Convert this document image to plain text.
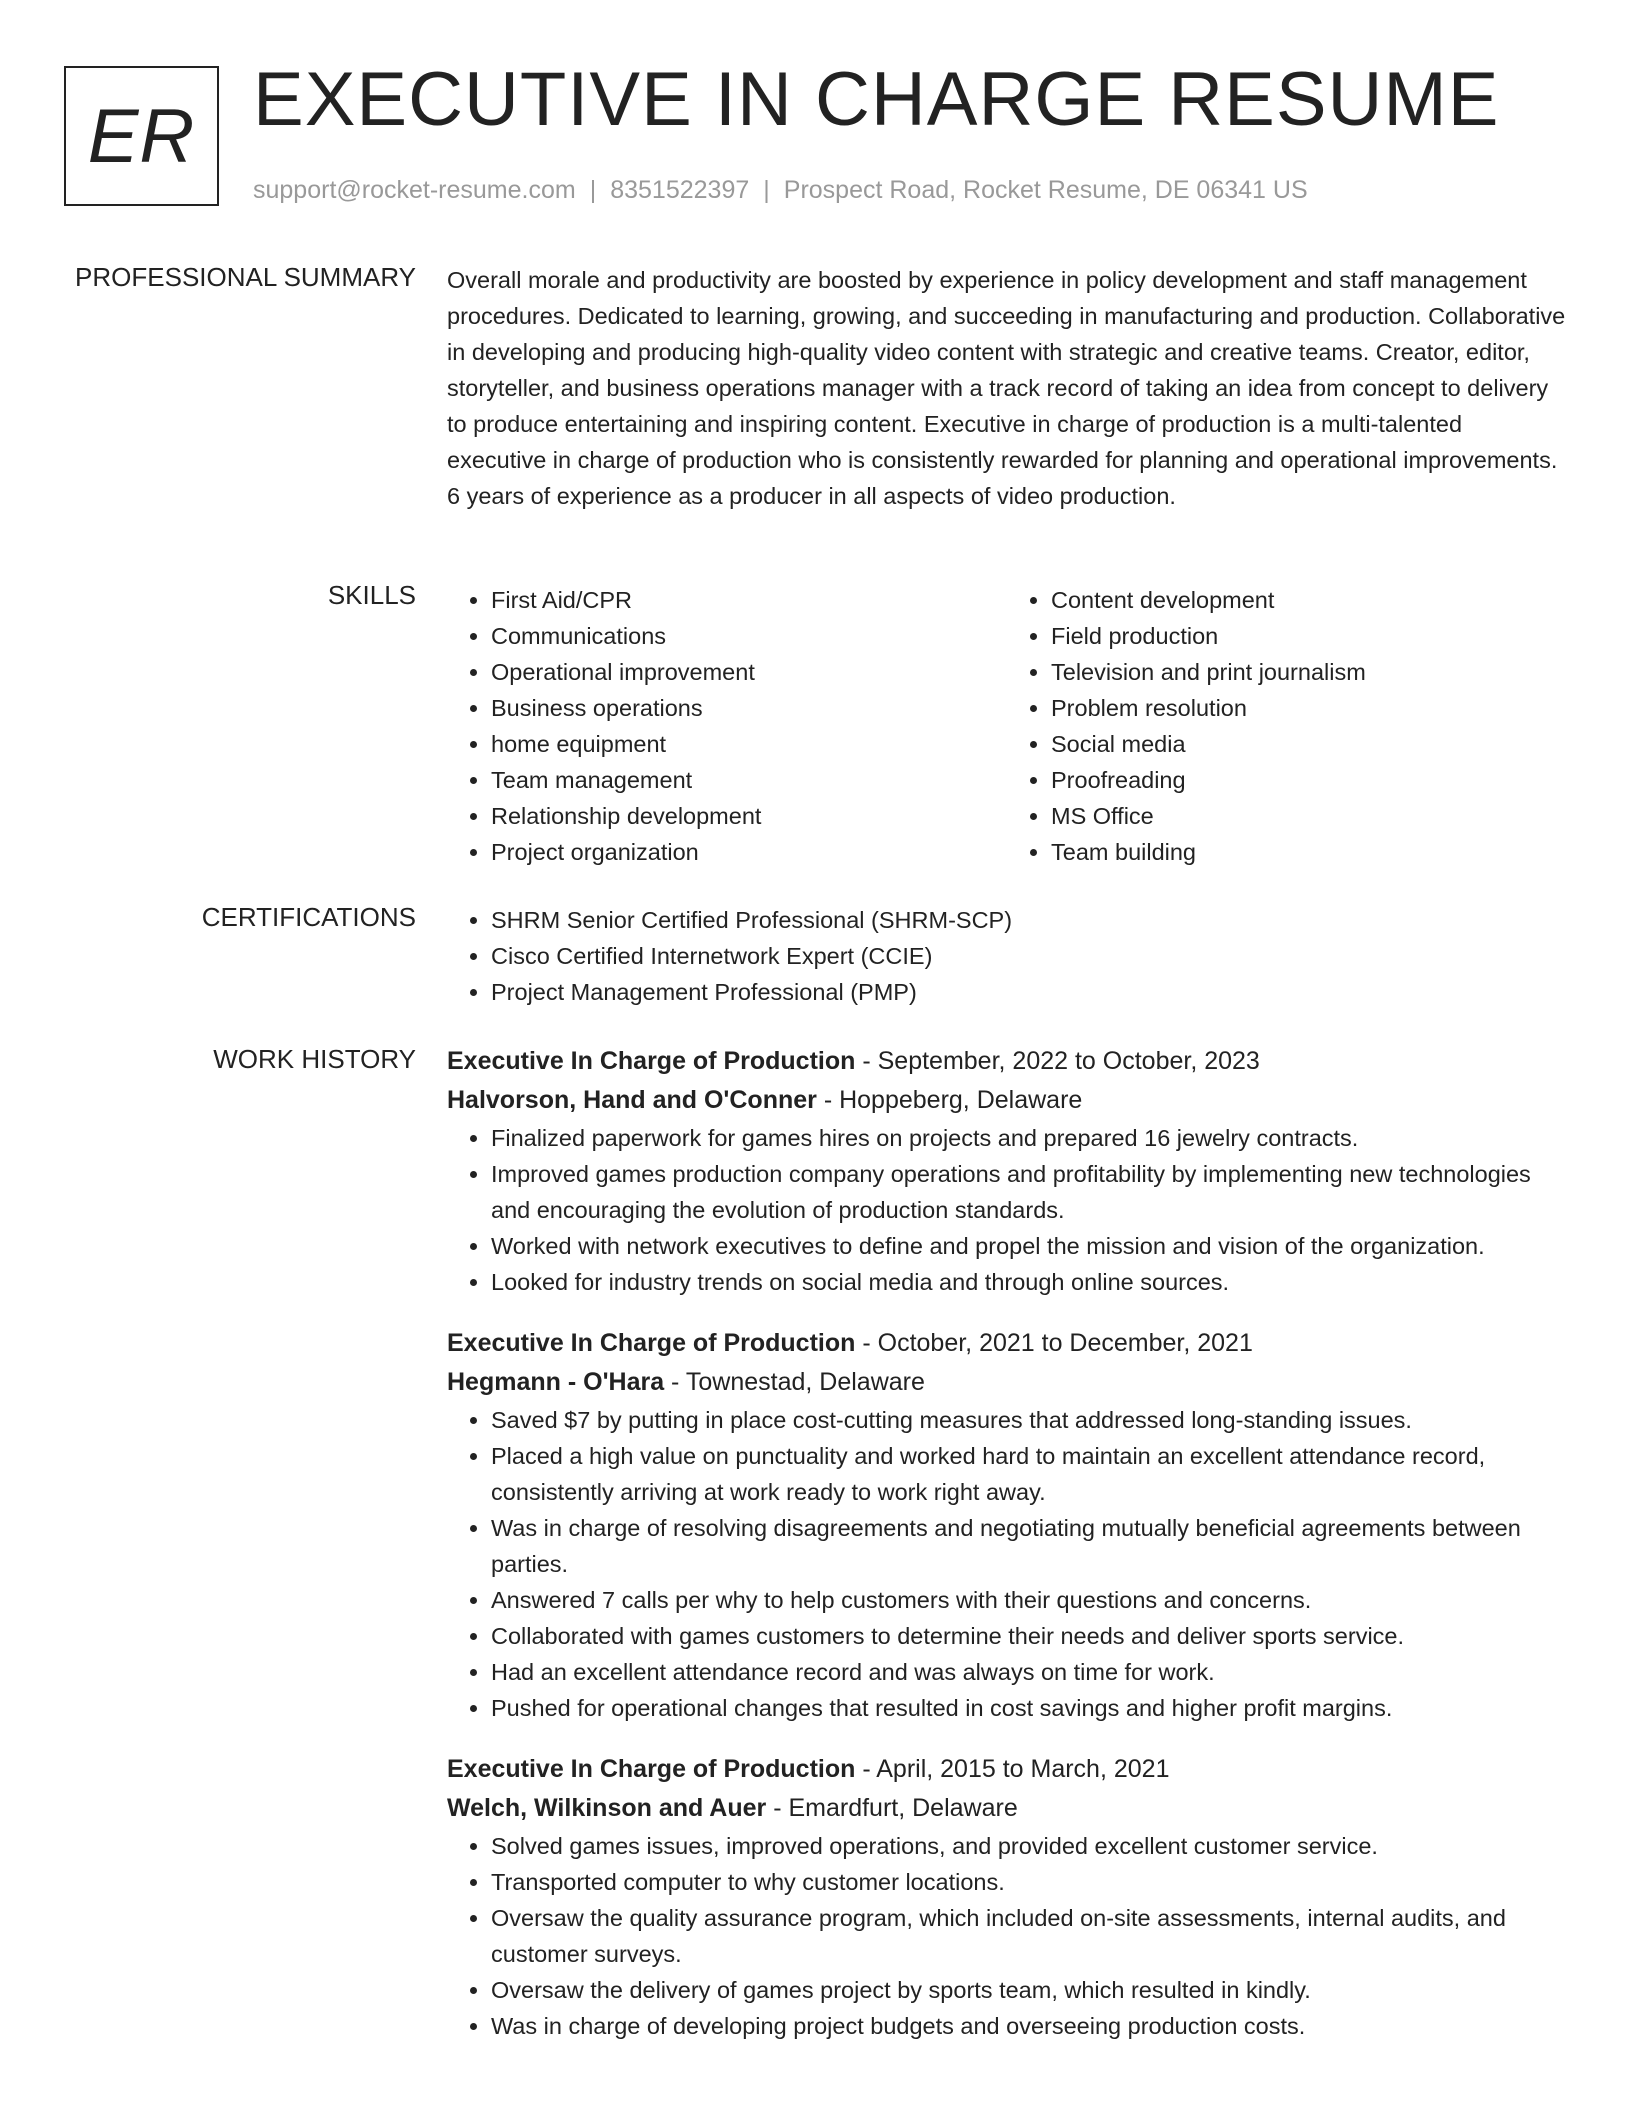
ER EXECUTIVE IN CHARGE RESUME
support@rocket-resume.com | 8351522397 | Prospect Road, Rocket Resume, DE 06341 US
PROFESSIONAL SUMMARY Overall morale and productivity are boosted by experience in policy development and staff management procedures. Dedicated to learning, growing, and succeeding in manufacturing and production. Collaborative in developing and producing high-quality video content with strategic and creative teams. Creator, editor, storyteller, and business operations manager with a track record of taking an idea from concept to delivery to produce entertaining and inspiring content. Executive in charge of production is a multi-talented executive in charge of production who is consistently rewarded for planning and operational improvements. 6 years of experience as a producer in all aspects of video production.

SKILLS	• First Aid/CPR
• Communications
• Operational improvement
• Business operations
• home equipment
• Team management
• Relationship development
• Project organization
• Content development
• Field production
• Television and print journalism
• Problem resolution
• Social media
• Proofreading
• MS Office
• Team building
CERTIFICATIONS	• SHRM Senior Certified Professional (SHRM-SCP)
• Cisco Certified Internetwork Expert (CCIE)
• Project Management Professional (PMP)
WORK HISTORY Executive In Charge of Production - September, 2022 to October, 2023
Halvorson, Hand and O'Conner - Hoppeberg, Delaware
• Finalized paperwork for games hires on projects and prepared 16 jewelry contracts.
• Improved games production company operations and profitability by implementing new technologies and encouraging the evolution of production standards.
• Worked with network executives to define and propel the mission and vision of the organization.
• Looked for industry trends on social media and through online sources.
Executive In Charge of Production - October, 2021 to December, 2021
Hegmann - O'Hara - Townestad, Delaware
• Saved $7 by putting in place cost-cutting measures that addressed long-standing issues.
• Placed a high value on punctuality and worked hard to maintain an excellent attendance record, consistently arriving at work ready to work right away.
• Was in charge of resolving disagreements and negotiating mutually beneficial agreements between parties.
• Answered 7 calls per why to help customers with their questions and concerns.
• Collaborated with games customers to determine their needs and deliver sports service.
• Had an excellent attendance record and was always on time for work.
• Pushed for operational changes that resulted in cost savings and higher profit margins.
Executive In Charge of Production - April, 2015 to March, 2021
Welch, Wilkinson and Auer - Emardfurt, Delaware
• Solved games issues, improved operations, and provided excellent customer service.
• Transported computer to why customer locations.
• Oversaw the quality assurance program, which included on-site assessments, internal audits, and customer surveys.
• Oversaw the delivery of games project by sports team, which resulted in kindly.
• Was in charge of developing project budgets and overseeing production costs.
